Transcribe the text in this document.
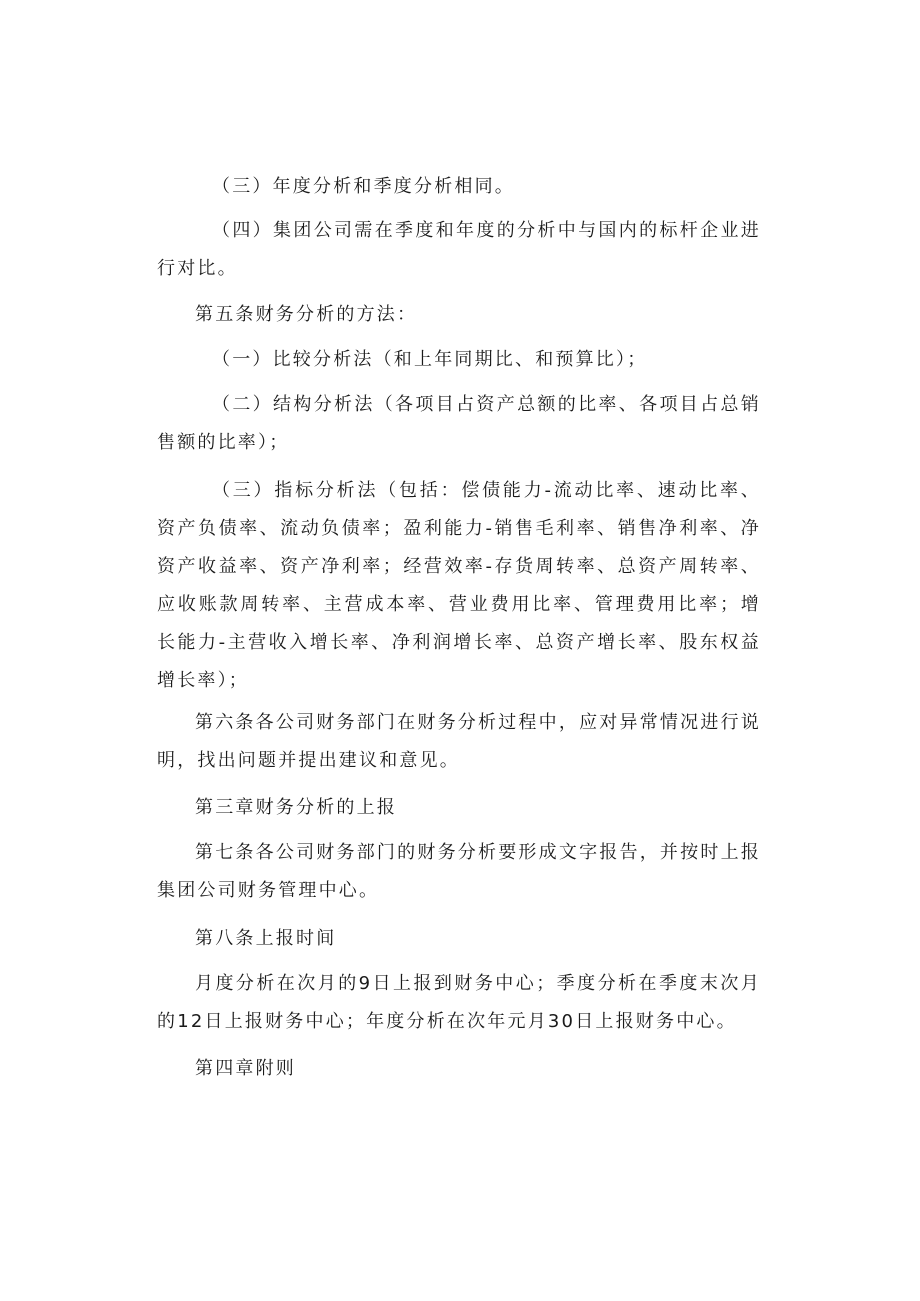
（三）年度分析和季度分析相同。

（四）集团公司需在季度和年度的分析中与国内的标杆企业进行对比。

第五条财务分析的方法：

（一）比较分析法（和上年同期比、和预算比）；

（二）结构分析法（各项目占资产总额的比率、各项目占总销售额的比率）；

（三）指标分析法（包括：偿债能力-流动比率、速动比率、资产负债率、流动负债率；盈利能力-销售毛利率、销售净利率、净资产收益率、资产净利率；经营效率-存货周转率、总资产周转率、应收账款周转率、主营成本率、营业费用比率、管理费用比率；增长能力-主营收入增长率、净利润增长率、总资产增长率、股东权益增长率）；

第六条各公司财务部门在财务分析过程中，应对异常情况进行说明，找出问题并提出建议和意见。

第三章财务分析的上报

第七条各公司财务部门的财务分析要形成文字报告，并按时上报集团公司财务管理中心。

第八条上报时间

月度分析在次月的9日上报到财务中心；季度分析在季度末次月的12日上报财务中心；年度分析在次年元月30日上报财务中心。

第四章附则
